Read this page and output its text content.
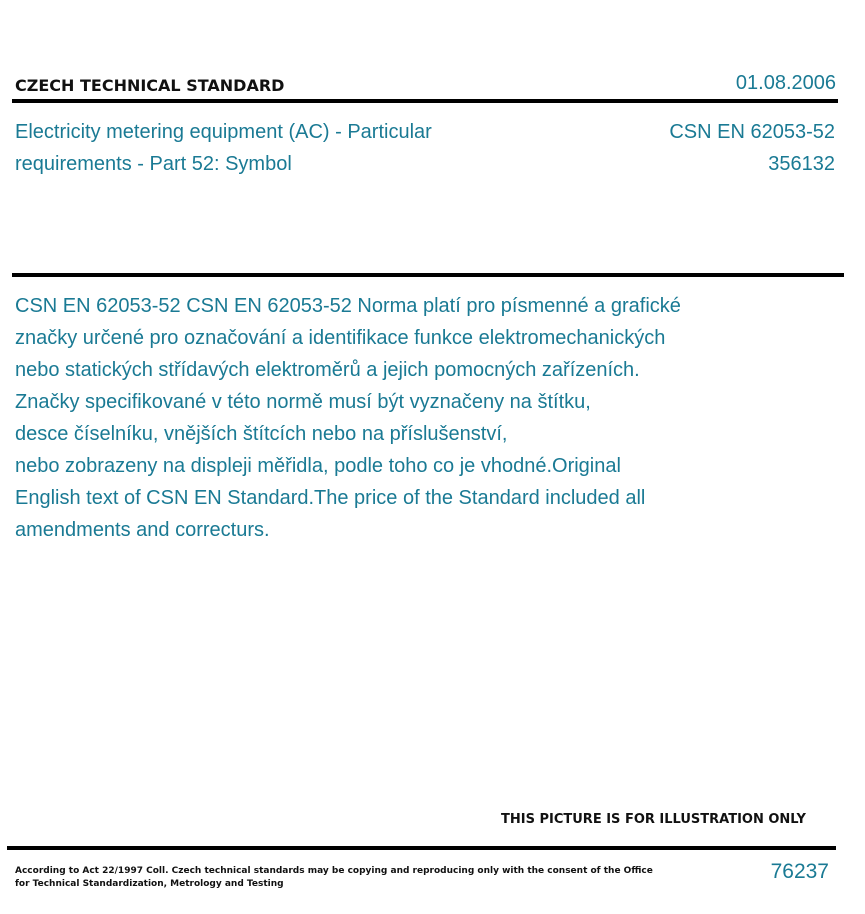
CZECH TECHNICAL STANDARD	01.08.2006
Electricity metering equipment (AC) - Particular
requirements - Part 52: Symbol
CSN EN 62053-52
356132
CSN EN 62053-52 CSN EN 62053-52 Norma platí pro písmenné a grafické
značky určené pro označování a identifikace funkce elektromechanických
nebo statických střídavých elektroměrů a jejich pomocných zařízeních.
Značky specifikované v této normě musí být vyznačeny na štítku,
desce číselníku, vnějších štítcích nebo na příslušenství,
nebo zobrazeny na displeji měřidla, podle toho co je vhodné.Original
English text of CSN EN Standard.The price of the Standard included all
amendments and correcturs.
THIS PICTURE IS FOR ILLUSTRATION ONLY
According to Act 22/1997 Coll. Czech technical standards may be copying and reproducing only with the consent of the Office
for Technical Standardization, Metrology and Testing
76237
